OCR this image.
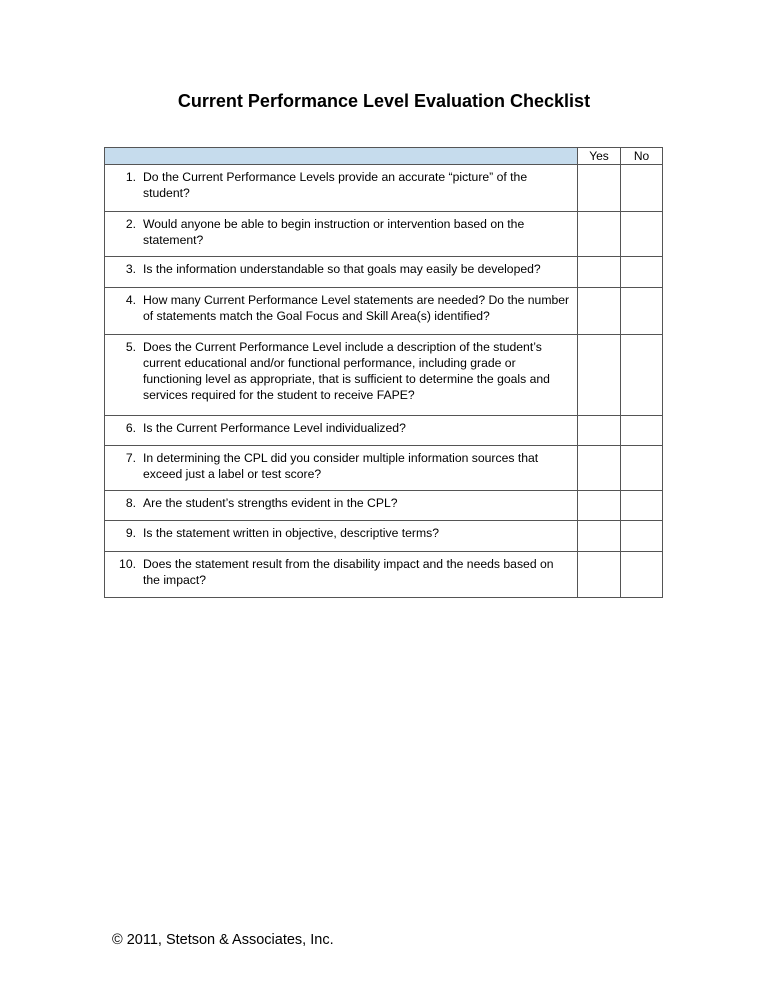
Current Performance Level Evaluation Checklist
	Yes	No

1. Do the Current Performance Levels provide an accurate “picture” of the student?		

2. Would anyone be able to begin instruction or intervention based on the statement?		

3. Is the information understandable so that goals may easily be developed?		

4. How many Current Performance Level statements are needed? Do the number of statements match the Goal Focus and Skill Area(s) identified?		

5. Does the Current Performance Level include a description of the student’s current educational and/or functional performance, including grade or functioning level as appropriate, that is sufficient to determine the goals and services required for the student to receive FAPE?		

6. Is the Current Performance Level individualized?		

7. In determining the CPL did you consider multiple information sources that exceed just a label or test score?		

8. Are the student’s strengths evident in the CPL?		

9. Is the statement written in objective, descriptive terms?		

10. Does the statement result from the disability impact and the needs based on the impact?		

© 2011, Stetson & Associates, Inc.
